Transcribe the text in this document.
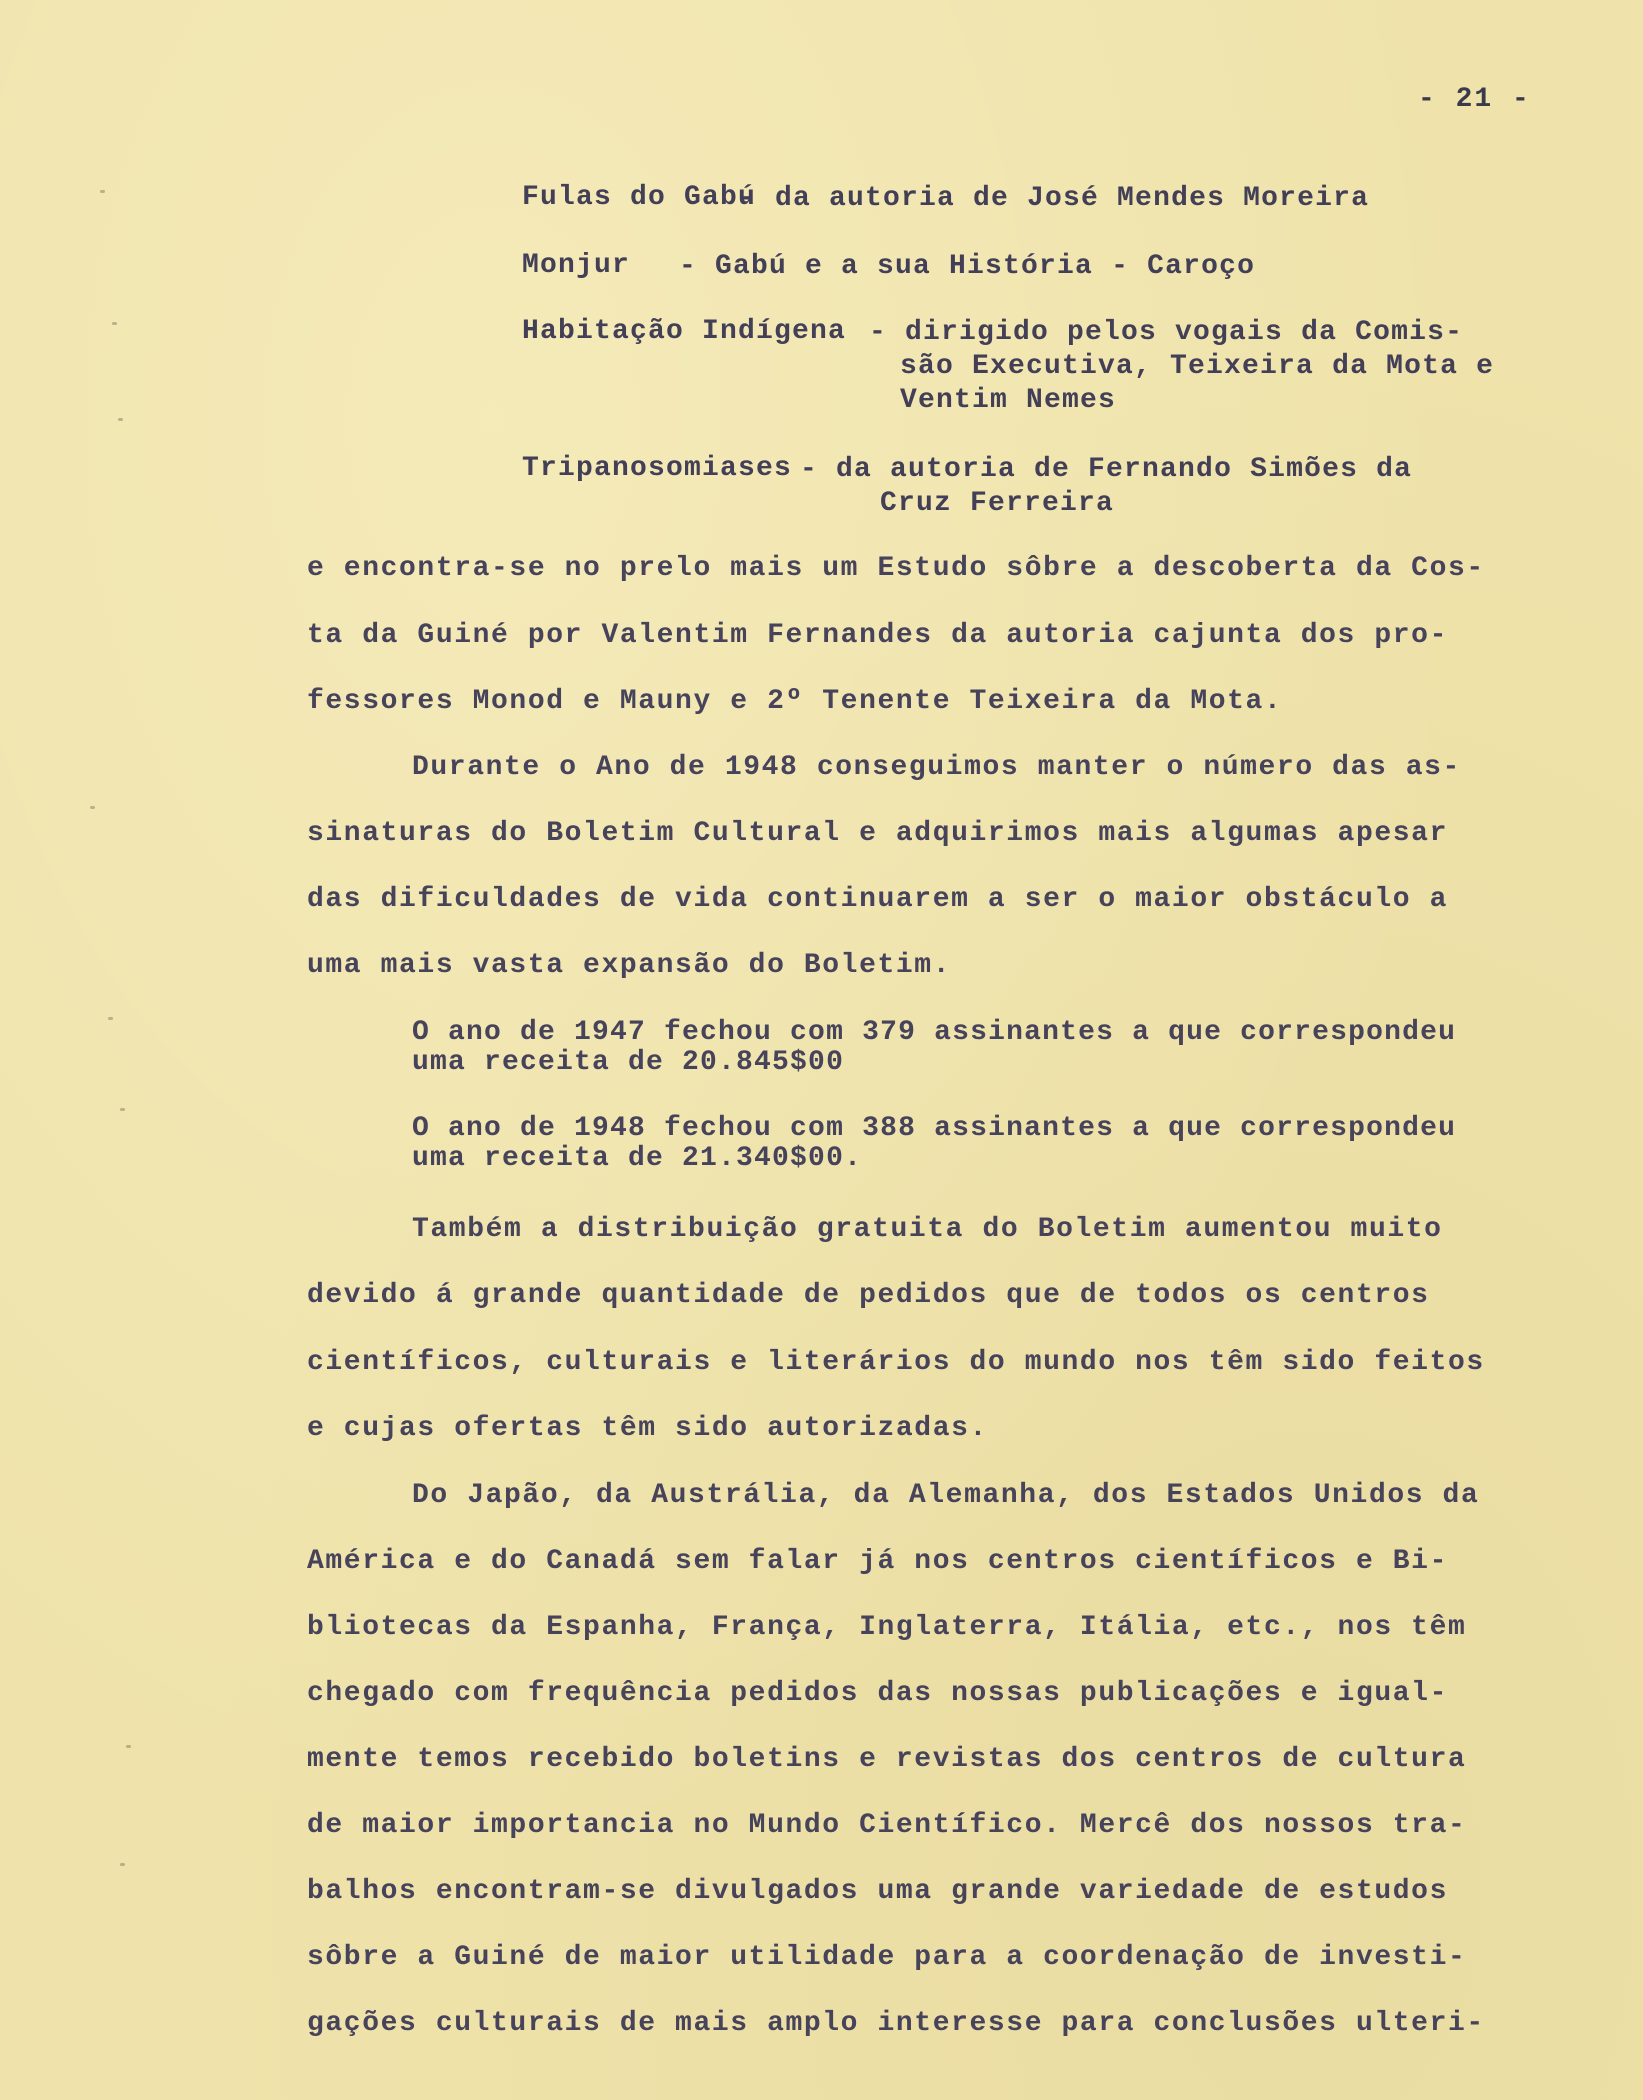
- 21 -
Fulas do Gabú
- da autoria de José Mendes Moreira
Monjur - Gabú e a sua História - Caroço
Habitação Indígena - dirigido pelos vogais da Comis-
são Executiva, Teixeira da Mota e
Ventim Nemes
Tripanosomiases - da autoria de Fernando Simões da
Cruz Ferreira
e encontra-se no prelo mais um Estudo sôbre a descoberta da Cos-
ta da Guiné por Valentim Fernandes da autoria cajunta dos pro-
fessores Monod e Mauny e 2º Tenente Teixeira da Mota.
Durante o Ano de 1948 conseguimos manter o número das as-
sinaturas do Boletim Cultural e adquirimos mais algumas apesar
das dificuldades de vida continuarem a ser o maior obstáculo a
uma mais vasta expansão do Boletim.
O ano de 1947 fechou com 379 assinantes a que correspondeu
uma receita de 20.845$00
O ano de 1948 fechou com 388 assinantes a que correspondeu
uma receita de 21.340$00.
Também a distribuição gratuita do Boletim aumentou muito
devido á grande quantidade de pedidos que de todos os centros
científicos, culturais e literários do mundo nos têm sido feitos
e cujas ofertas têm sido autorizadas.
Do Japão, da Austrália, da Alemanha, dos Estados Unidos da
América e do Canadá sem falar já nos centros científicos e Bi-
bliotecas da Espanha, França, Inglaterra, Itália, etc., nos têm
chegado com frequência pedidos das nossas publicações e igual-
mente temos recebido boletins e revistas dos centros de cultura
de maior importancia no Mundo Científico. Mercê dos nossos tra-
balhos encontram-se divulgados uma grande variedade de estudos
sôbre a Guiné de maior utilidade para a coordenação de investi-
gações culturais de mais amplo interesse para conclusões ulteri-
